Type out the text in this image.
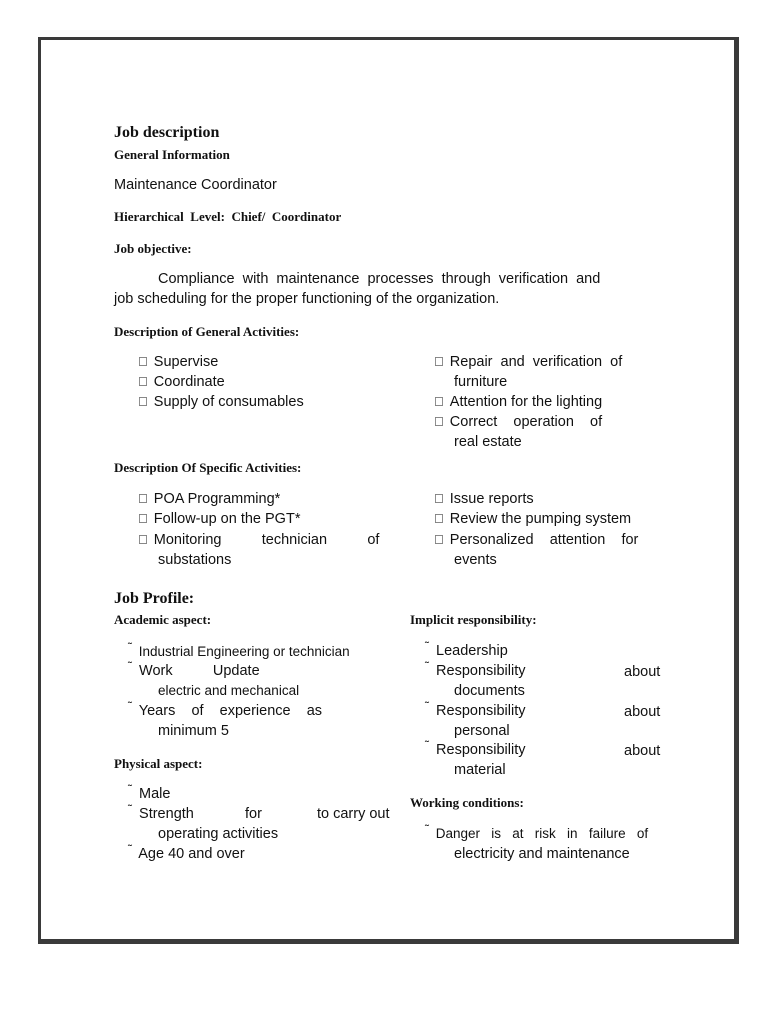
Job description
General Information
Maintenance Coordinator
Hierarchical  Level:  Chief/  Coordinator
Job objective:
Compliance with maintenance processes through verification and
job scheduling for the proper functioning of the organization.
Description of General Activities:
Supervise
Coordinate
Supply of consumables
Repair  and  verification  of
furniture
Attention for the lighting
Correct    operation    of
real estate
Description Of Specific Activities:
POA Programming*
Follow-up on the PGT*
Monitoring          technician          of
substations
Issue reports
Review the pumping system
Personalized    attention    for
events
Job Profile:
Academic aspect:
˜ Industrial Engineering or technician
˜ Work          Update
electric and mechanical
˜ Years    of    experience    as
minimum 5
Physical aspect:
˜ Male
˜ Strength	for	to carry out
operating activities
˜ Age 40 and over
Implicit responsibility:
˜ Leadership
˜ Responsibility	about
documents
˜ Responsibility	about
personal
˜ Responsibility	about
material
Working conditions:
˜ Danger   is   at   risk   in   failure   of
electricity and maintenance
